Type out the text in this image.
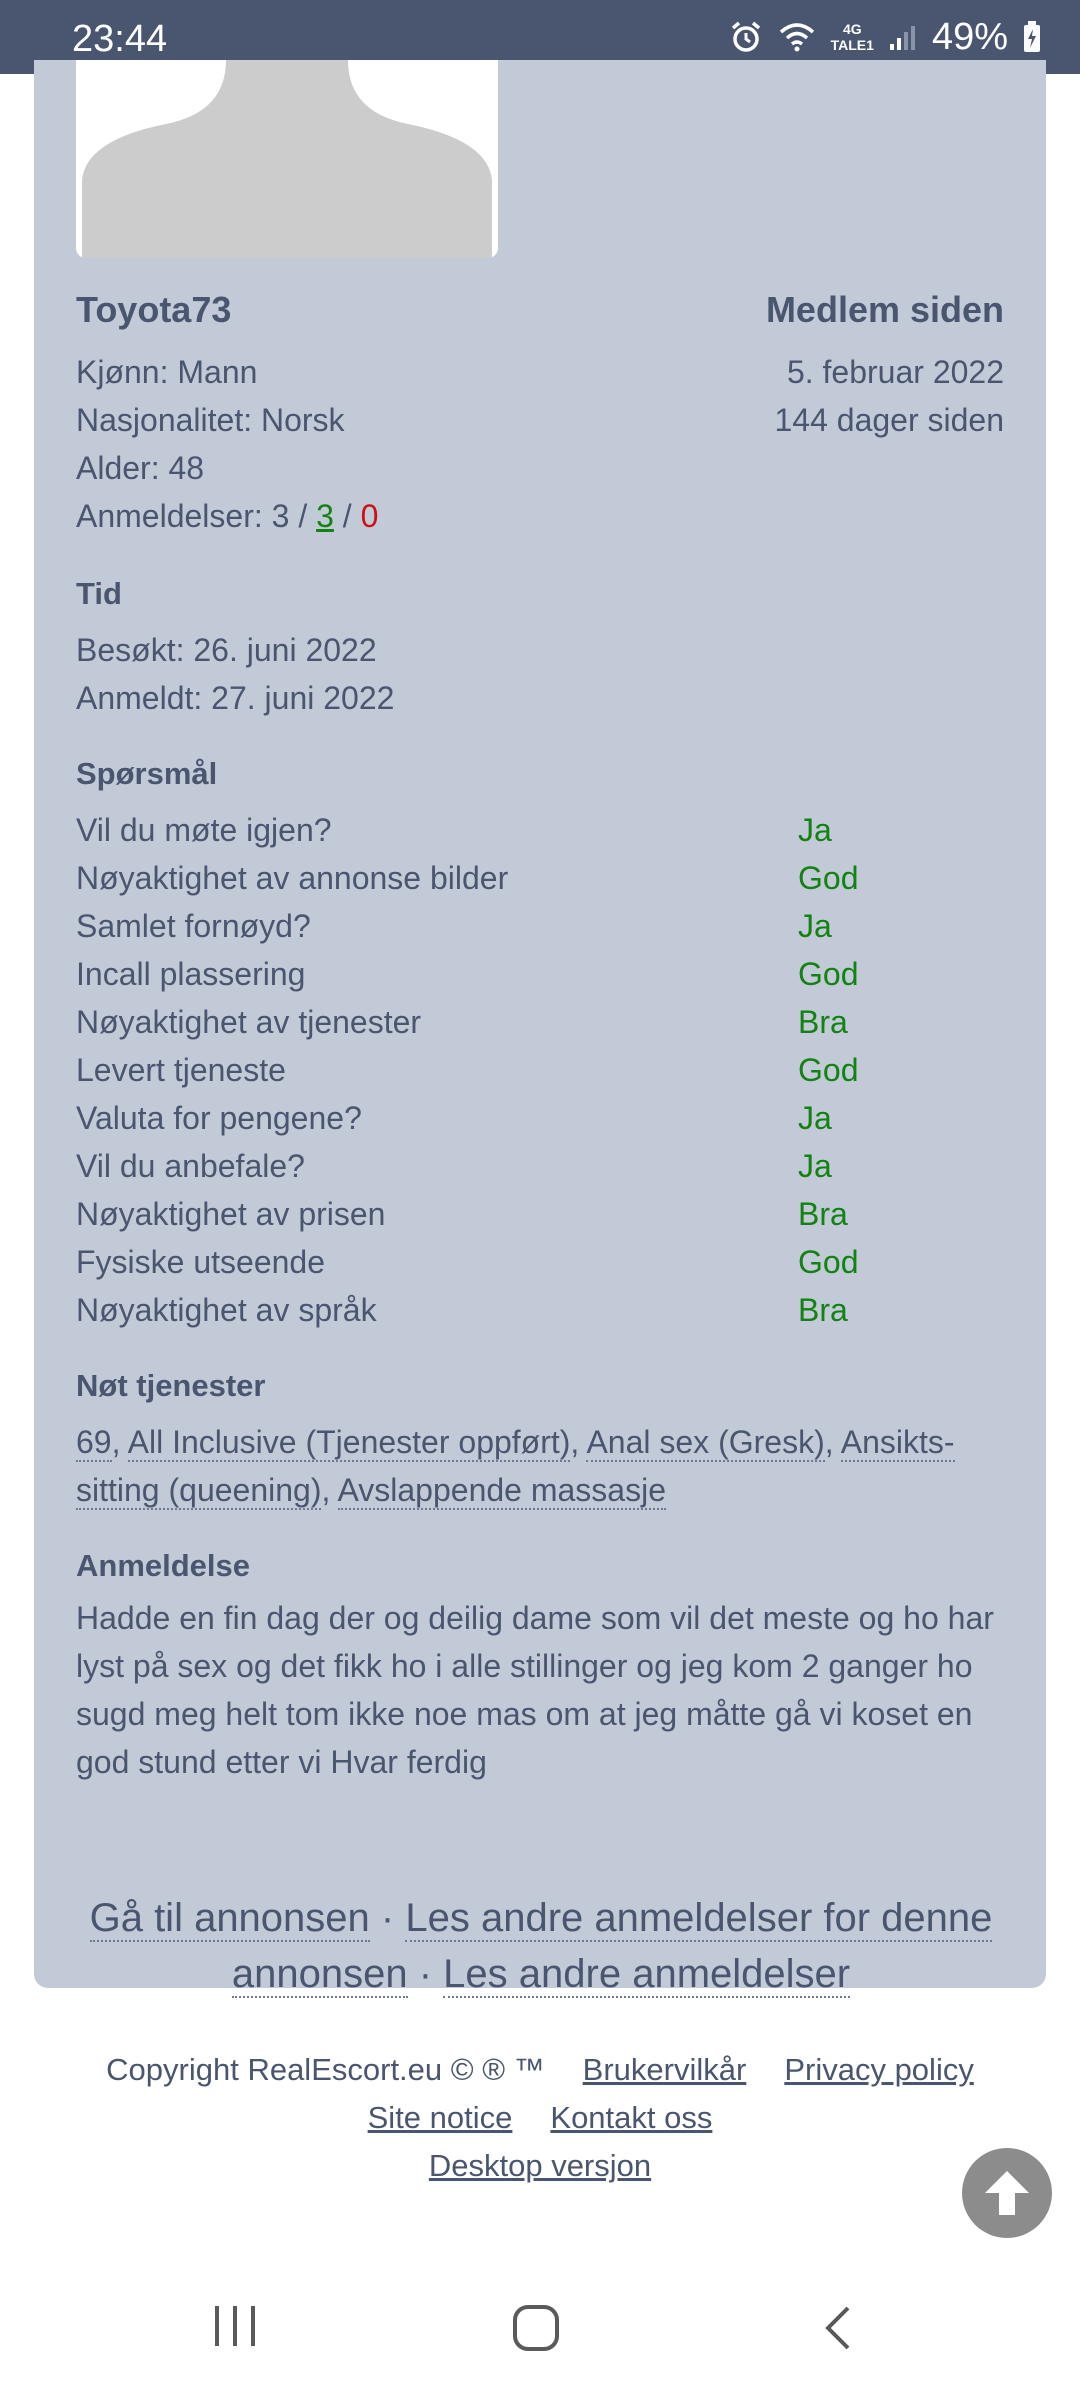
23:44	4G
TALE1 49%
Toyota73	Medlem siden
Kjønn: Mann	5. februar 2022
Nasjonalitet: Norsk	144 dager siden
Alder: 48
Anmeldelser: 3 / 3 / 0
Tid
Besøkt: 26. juni 2022
Anmeldt: 27. juni 2022
Spørsmål
Vil du møte igjen?	Ja
Nøyaktighet av annonse bilder	God
Samlet fornøyd?	Ja
Incall plassering	God
Nøyaktighet av tjenester	Bra
Levert tjeneste	God
Valuta for pengene?	Ja
Vil du anbefale?	Ja
Nøyaktighet av prisen	Bra
Fysiske utseende	God
Nøyaktighet av språk	Bra
Nøt tjenester
69, All Inclusive (Tjenester oppført), Anal sex (Gresk), Ansikts-
sitting (queening), Avslappende massasje
Anmeldelse
Hadde en fin dag der og deilig dame som vil det meste og ho har lyst på sex og det fikk ho i alle stillinger og jeg kom 2 ganger ho sugd meg helt tom ikke noe mas om at jeg måtte gå vi koset en god stund etter vi Hvar ferdig
Gå til annonsen · Les andre anmeldelser for denne
annonsen · Les andre anmeldelser
Copyright RealEscort.eu © ® ™ Brukervilkår Privacy policy
Site notice Kontakt oss
Desktop versjon
